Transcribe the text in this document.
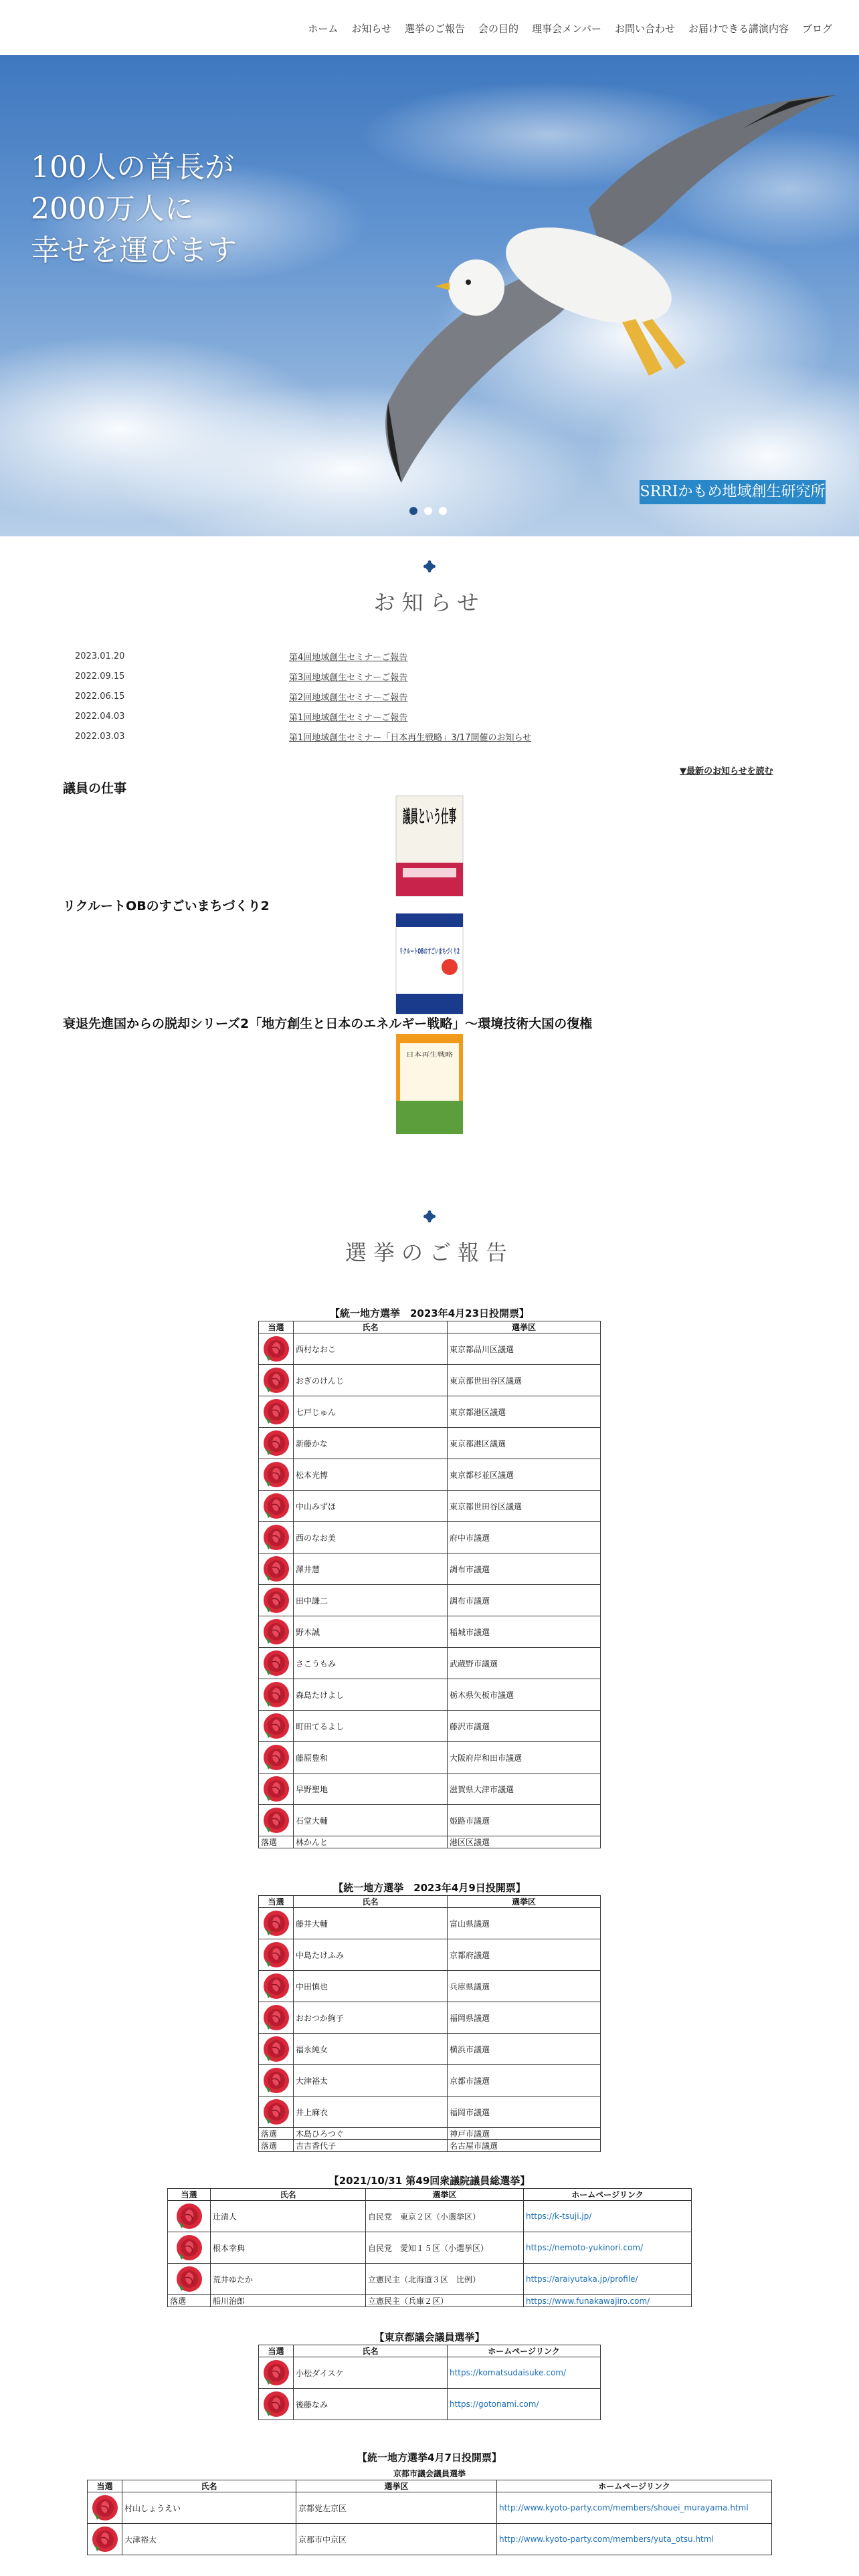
ホーム	お知らせ	選挙のご報告	会の目的	理事会メンバー	お問い合わせ	お届けできる講演内容	ブログ
100人の首長が
2000万人に
幸せを運びます
SRRIかもめ地域創生研究所
お知らせ
2023.01.20	第4回地域創生セミナーご報告
2022.09.15	第3回地域創生セミナーご報告
2022.06.15	第2回地域創生セミナーご報告
2022.04.03	第1回地域創生セミナーご報告
2022.03.03	第1回地域創生セミナー「日本再生戦略」3/17開催のお知らせ
▼最新のお知らせを読む
議員の仕事
議員という仕事
リクルートOBのすごいまちづくり2
リクルートOBのすごいまちづくり2
衰退先進国からの脱却シリーズ2「地方創生と日本のエネルギー戦略」～環境技術大国の復権
日本再生戦略
選挙のご報告
【統一地方選挙　2023年4月23日投開票】
当選	氏名	選挙区

	西村なおこ	東京都品川区議選

	おぎのけんじ	東京都世田谷区議選

	七戸じゅん	東京都港区議選

	新藤かな	東京都港区議選

	松本光博	東京都杉並区議選

	中山みずほ	東京都世田谷区議選

	西のなお美	府中市議選

	澤井慧	調布市議選

	田中謙二	調布市議選

	野木誠	稲城市議選

	さこうもみ	武蔵野市議選

	森島たけよし	栃木県矢板市議選

	町田てるよし	藤沢市議選

	藤原豊和	大阪府岸和田市議選

	早野聖地	滋賀県大津市議選

	石堂大輔	姫路市議選
落選	林かんと	港区区議選
【統一地方選挙　2023年4月9日投開票】
当選	氏名	選挙区

	藤井大輔	富山県議選

	中島たけふみ	京都府議選

	中田慎也	兵庫県議選

	おおつか絢子	福岡県議選

	福永純女	横浜市議選

	大津裕太	京都市議選

	井上麻衣	福岡市議選
落選	木島ひろつぐ	神戸市議選
落選	吉吉香代子	名古屋市議選
【2021/10/31 第49回衆議院議員総選挙】
当選	氏名	選挙区	ホームページリンク

	辻清人	自民党　東京２区（小選挙区）	https://k-tsuji.jp/

	根本幸典	自民党　愛知１５区（小選挙区）	https://nemoto-yukinori.com/

	荒井ゆたか	立憲民主（北海道３区　比例）	https://araiyutaka.jp/profile/
落選	船川治郎	立憲民主（兵庫２区）	https://www.funakawajiro.com/
【東京都議会議員選挙】
当選	氏名	ホームページリンク

	小松ダイスケ	https://komatsudaisuke.com/

	後藤なみ	https://gotonami.com/
【統一地方選挙4月7日投開票】
京都市議会議員選挙
当選	氏名	選挙区	ホームページリンク

	村山しょうえい	京都党左京区	http://www.kyoto-party.com/members/shouei_murayama.html

	大津裕太	京都市中京区	http://www.kyoto-party.com/members/yuta_otsu.html
